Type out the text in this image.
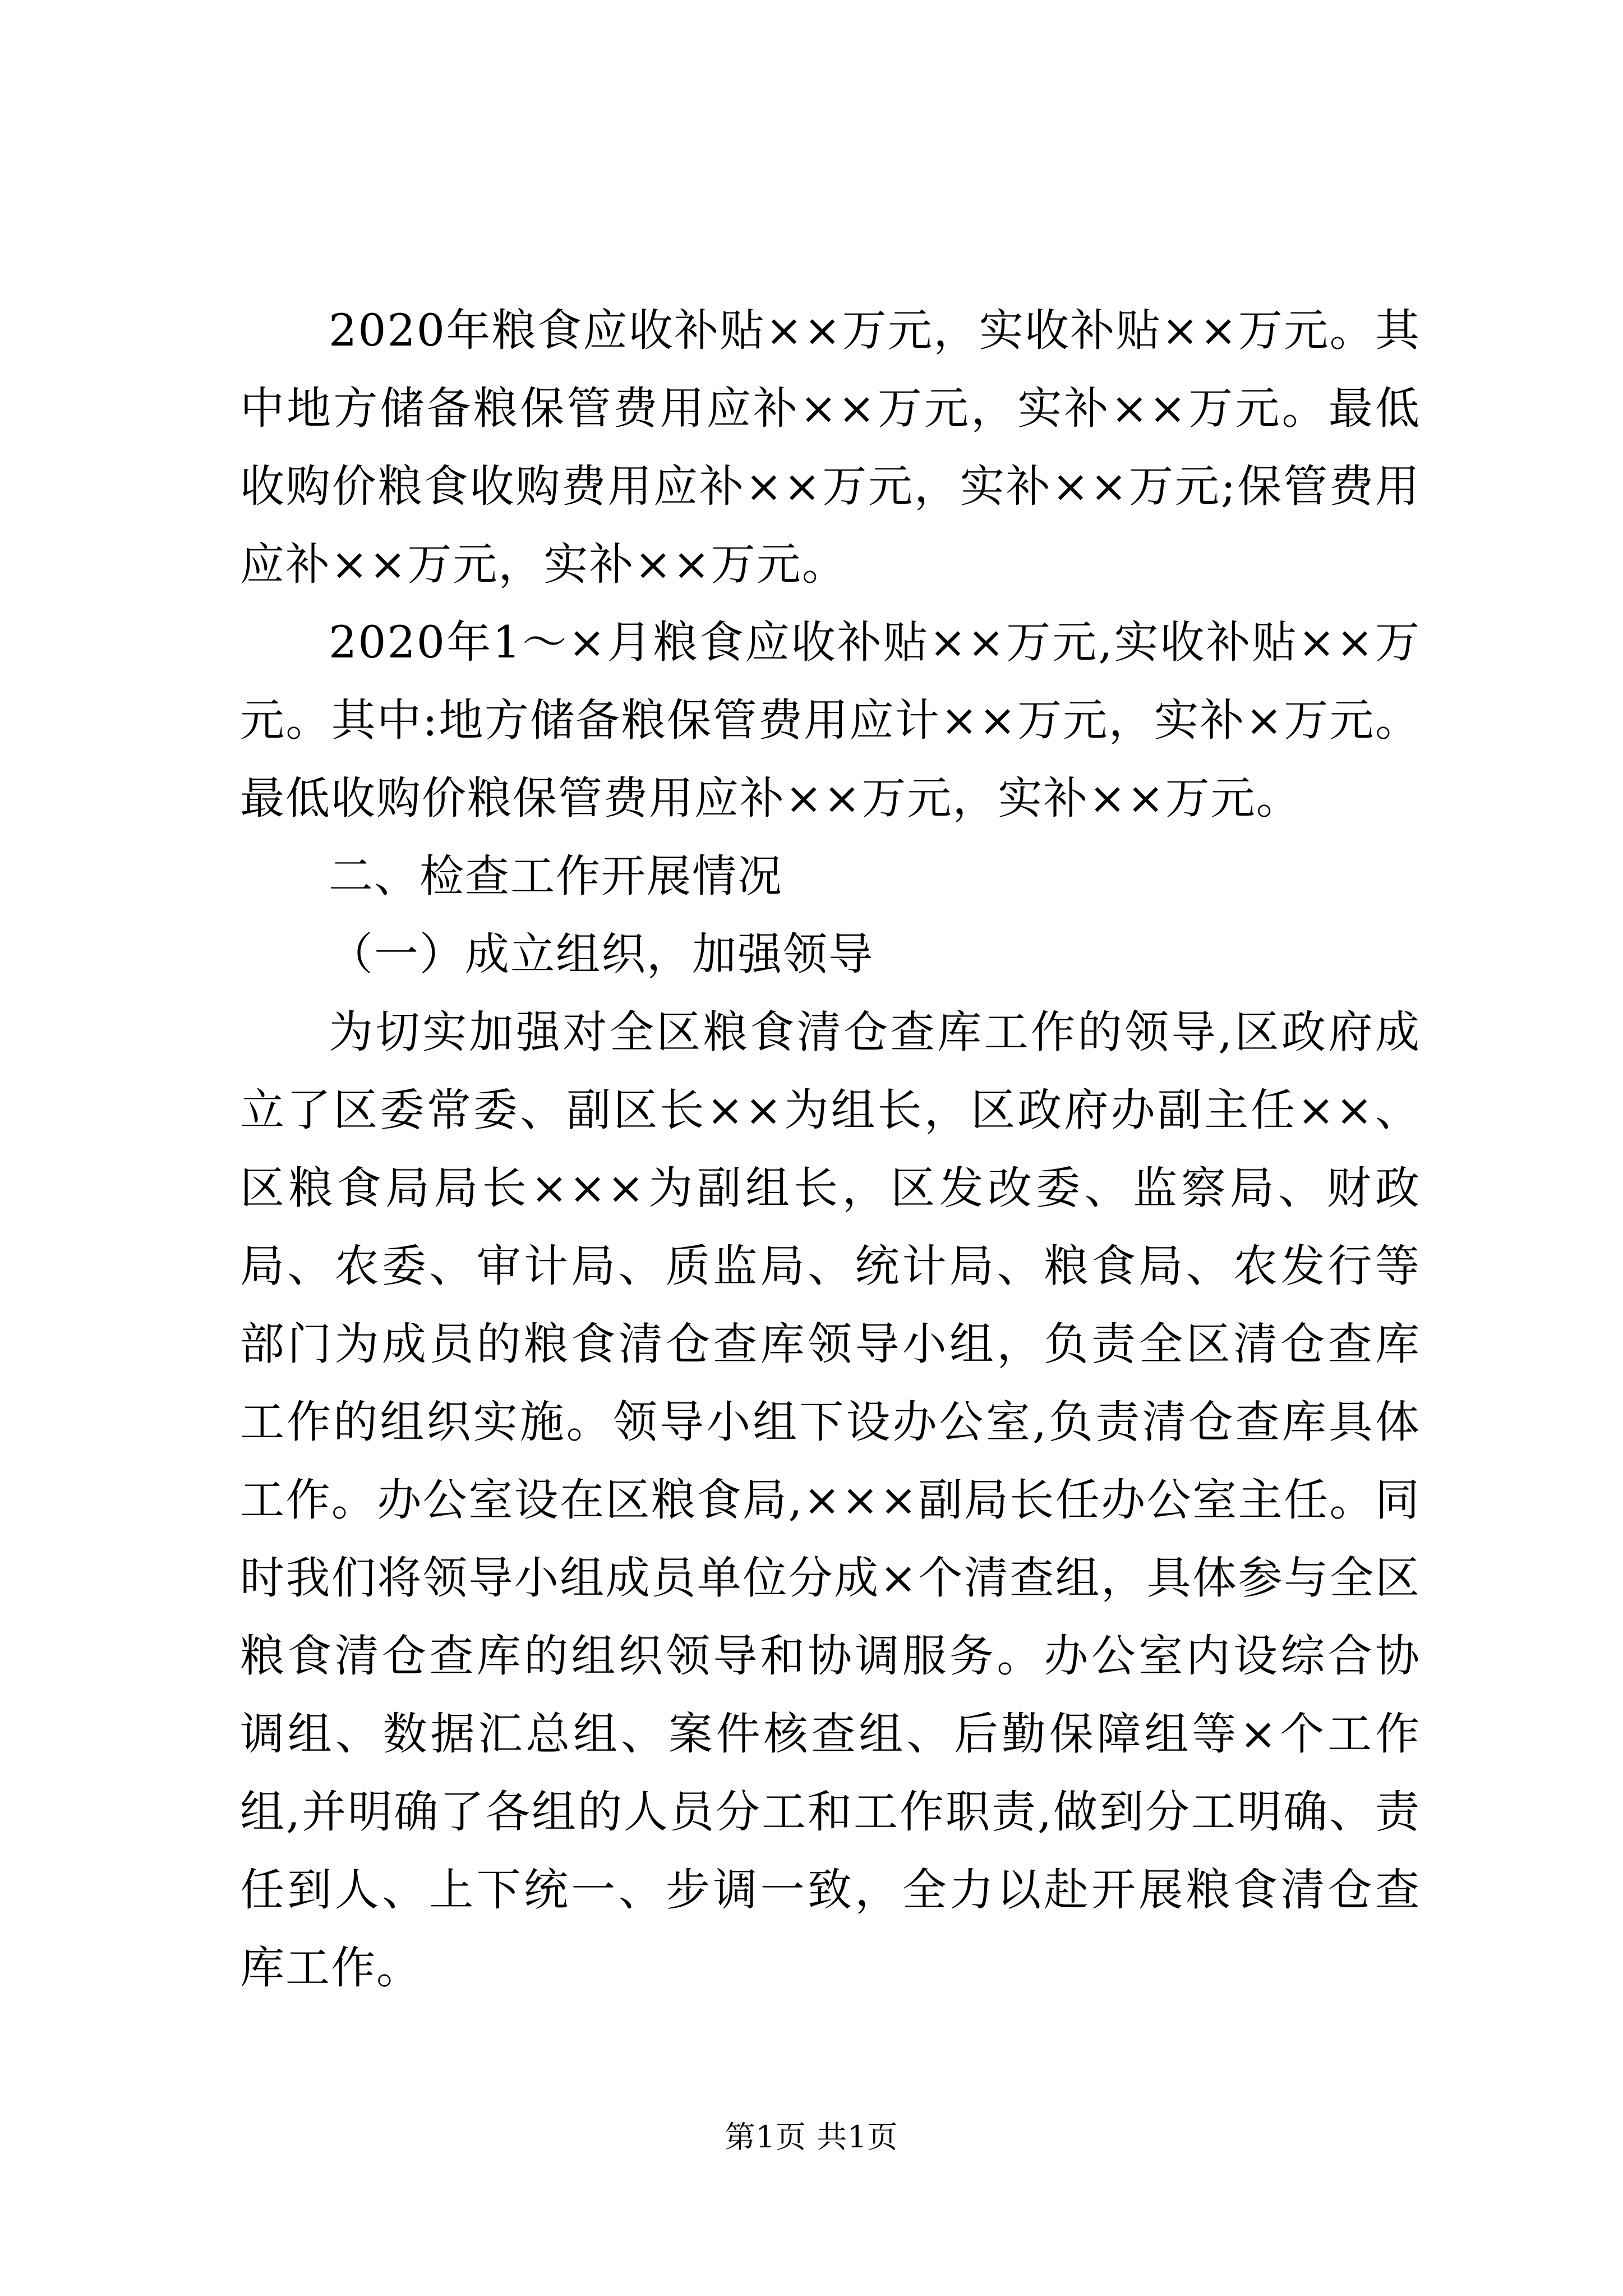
2020年粮食应收补贴××万元，实收补贴××万元。其中地方储备粮保管费用应补××万元，实补××万元。最低收购价粮食收购费用应补××万元，实补××万元;保管费用应补××万元，实补××万元。

2020年1～×月粮食应收补贴××万元,实收补贴××万元。其中:地方储备粮保管费用应计××万元，实补×万元。最低收购价粮保管费用应补××万元，实补××万元。

二、检查工作开展情况

（一）成立组织，加强领导

为切实加强对全区粮食清仓查库工作的领导,区政府成立了区委常委、副区长××为组长，区政府办副主任××、区粮食局局长×××为副组长，区发改委、监察局、财政局、农委、审计局、质监局、统计局、粮食局、农发行等部门为成员的粮食清仓查库领导小组，负责全区清仓查库工作的组织实施。领导小组下设办公室,负责清仓查库具体工作。办公室设在区粮食局,×××副局长任办公室主任。同时我们将领导小组成员单位分成×个清查组，具体参与全区粮食清仓查库的组织领导和协调服务。办公室内设综合协调组、数据汇总组、案件核查组、后勤保障组等×个工作组,并明确了各组的人员分工和工作职责,做到分工明确、责任到人、上下统一、步调一致，全力以赴开展粮食清仓查库工作。

第1页 共1页
